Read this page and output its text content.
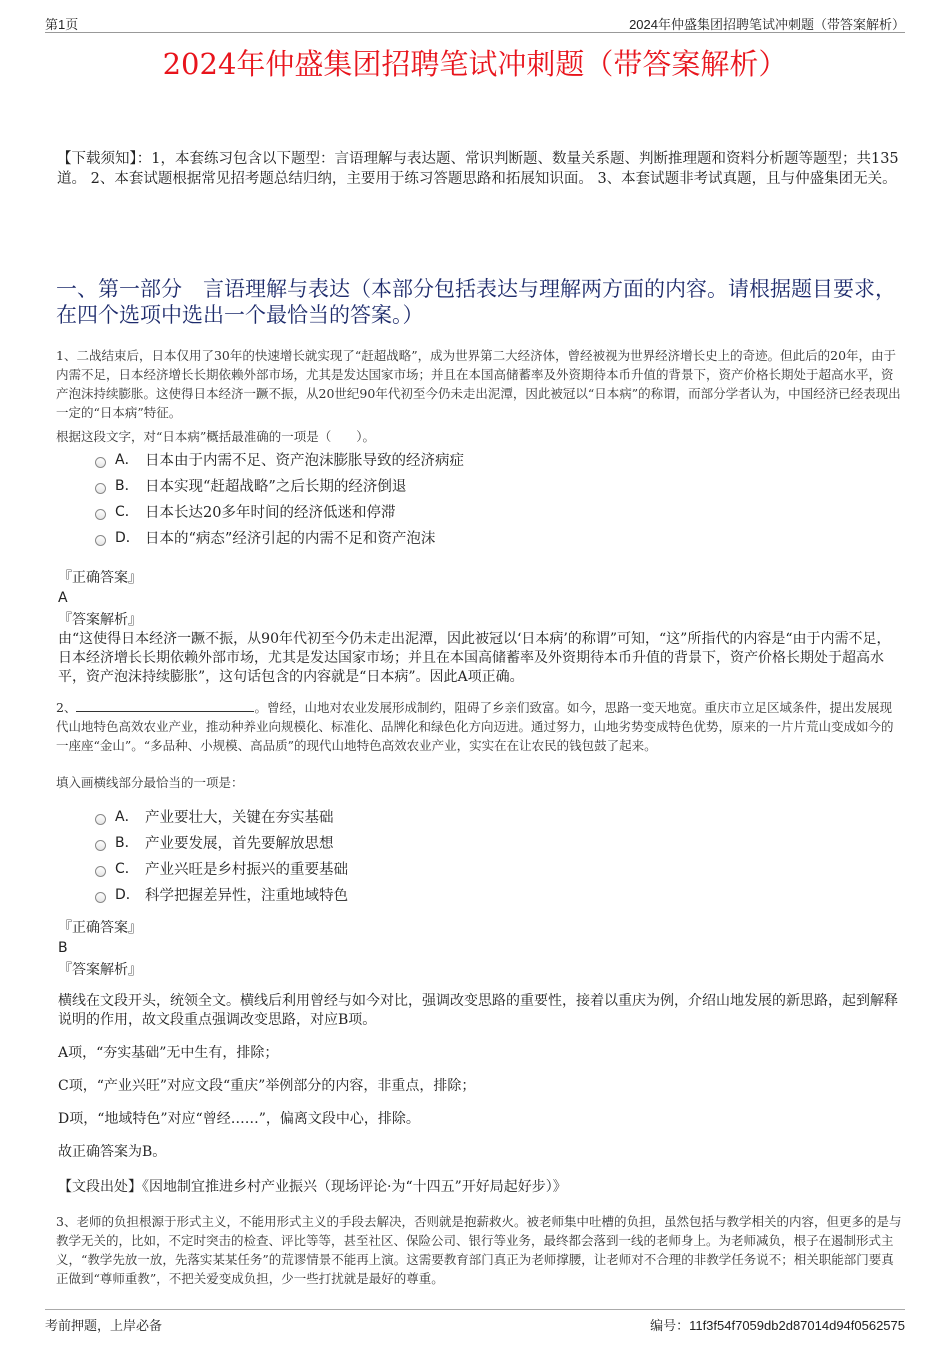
第1页	2024年仲盛集团招聘笔试冲刺题（带答案解析）
2024年仲盛集团招聘笔试冲刺题（带答案解析）
【下载须知】：1，本套练习包含以下题型：言语理解与表达题、常识判断题、数量关系题、判断推理题和资料分析题等题型；共135道。 2、本套试题根据常见招考题总结归纳，主要用于练习答题思路和拓展知识面。 3、本套试题非考试真题，且与仲盛集团无关。
一、第一部分　言语理解与表达（本部分包括表达与理解两方面的内容。请根据题目要求，在四个选项中选出一个最恰当的答案。）
1、二战结束后，日本仅用了30年的快速增长就实现了“赶超战略”，成为世界第二大经济体，曾经被视为世界经济增长史上的奇迹。但此后的20年，由于内需不足，日本经济增长长期依赖外部市场，尤其是发达国家市场；并且在本国高储蓄率及外资期待本币升值的背景下，资产价格长期处于超高水平，资产泡沫持续膨胀。这使得日本经济一蹶不振，从20世纪90年代初至今仍未走出泥潭，因此被冠以“日本病”的称谓，而部分学者认为，中国经济已经表现出一定的“日本病”特征。
根据这段文字，对“日本病”概括最准确的一项是（　　）。
A． 日本由于内需不足、资产泡沫膨胀导致的经济病症
B． 日本实现“赶超战略”之后长期的经济倒退
C． 日本长达20多年时间的经济低迷和停滞
D． 日本的“病态”经济引起的内需不足和资产泡沫
『正确答案』
A
『答案解析』
由“这使得日本经济一蹶不振，从90年代初至今仍未走出泥潭，因此被冠以‘日本病’的称谓”可知，“这”所指代的内容是“由于内需不足，日本经济增长长期依赖外部市场，尤其是发达国家市场；并且在本国高储蓄率及外资期待本币升值的背景下，资产价格长期处于超高水平，资产泡沫持续膨胀”，这句话包含的内容就是“日本病”。因此A项正确。
2、	。曾经，山地对农业发展形成制约，阻碍了乡亲们致富。如今，思路一变天地宽。重庆市立足区域条件，提出发展现代山地特色高效农业产业，推动种养业向规模化、标准化、品牌化和绿色化方向迈进。通过努力，山地劣势变成特色优势，原来的一片片荒山变成如今的一座座“金山”。“多品种、小规模、高品质”的现代山地特色高效农业产业，实实在在让农民的钱包鼓了起来。
填入画横线部分最恰当的一项是：
A． 产业要壮大，关键在夯实基础
B． 产业要发展，首先要解放思想
C． 产业兴旺是乡村振兴的重要基础
D． 科学把握差异性，注重地域特色
『正确答案』
B
『答案解析』
横线在文段开头，统领全文。横线后利用曾经与如今对比，强调改变思路的重要性，接着以重庆为例，介绍山地发展的新思路，起到解释说明的作用，故文段重点强调改变思路，对应B项。
A项，“夯实基础”无中生有，排除；
C项，“产业兴旺”对应文段“重庆”举例部分的内容，非重点，排除；
D项，“地域特色”对应“曾经……”，偏离文段中心，排除。
故正确答案为B。
【文段出处】《因地制宜推进乡村产业振兴（现场评论·为“十四五”开好局起好步）》
3、老师的负担根源于形式主义，不能用形式主义的手段去解决，否则就是抱薪救火。被老师集中吐槽的负担，虽然包括与教学相关的内容，但更多的是与教学无关的，比如，不定时突击的检查、评比等等，甚至社区、保险公司、银行等业务，最终都会落到一线的老师身上。为老师减负，根子在遏制形式主义，“教学先放一放，先落实某某任务”的荒谬情景不能再上演。这需要教育部门真正为老师撑腰，让老师对不合理的非教学任务说不；相关职能部门要真正做到“尊师重教”，不把关爱变成负担，少一些打扰就是最好的尊重。
考前押题，上岸必备	编号：11f3f54f7059db2d87014d94f0562575
